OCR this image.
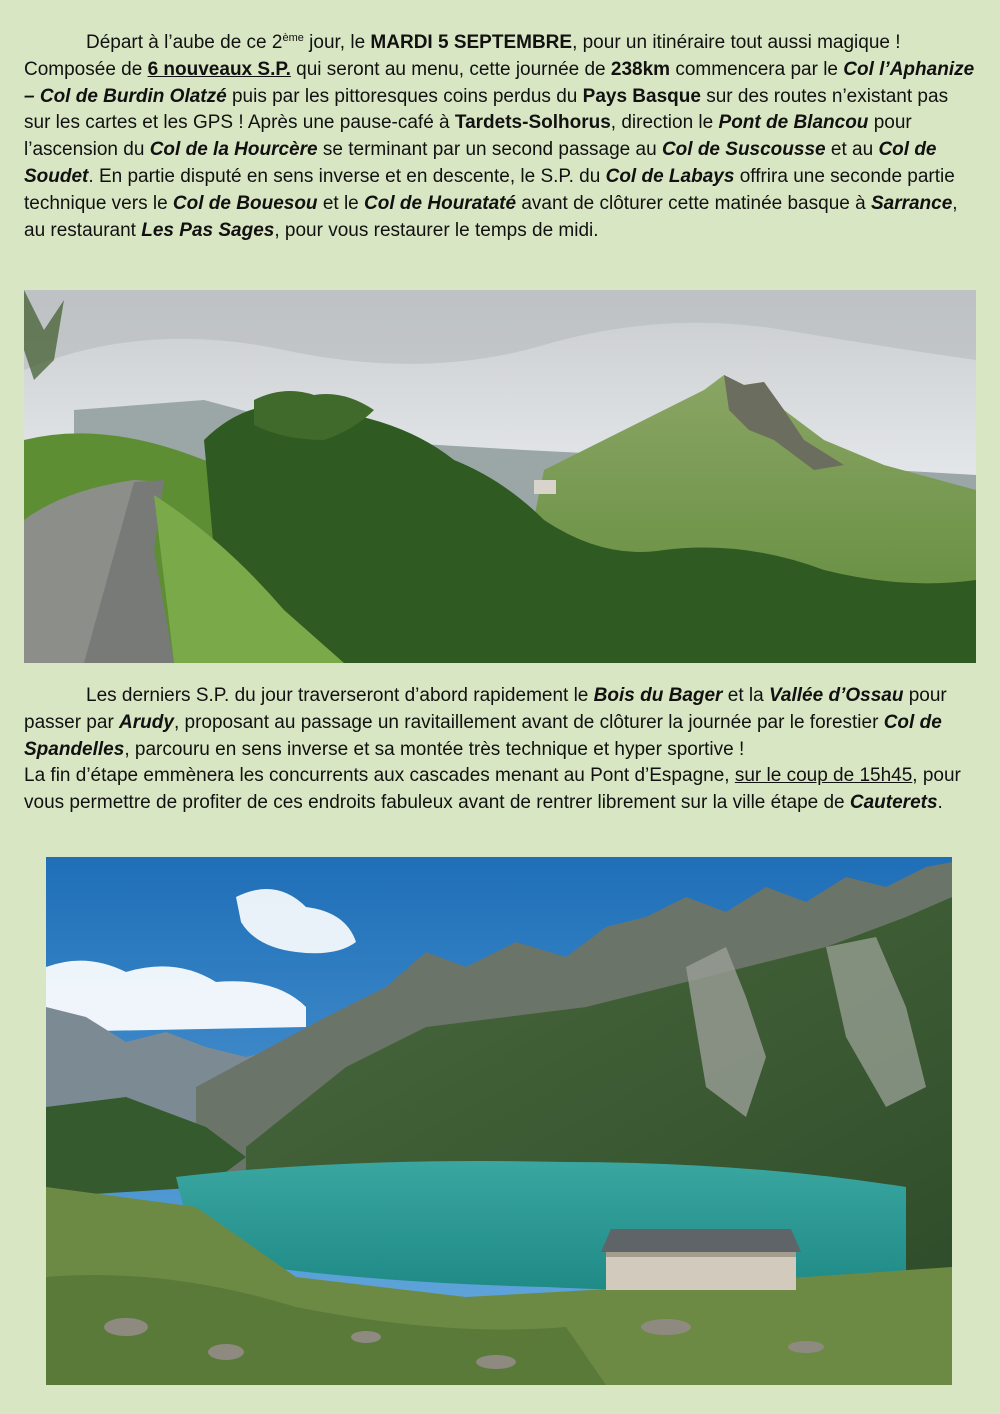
Départ à l’aube de ce 2ème jour, le MARDI 5 SEPTEMBRE, pour un itinéraire tout aussi magique ! Composée de 6 nouveaux S.P. qui seront au menu, cette journée de 238km commencera par le Col l’Aphanize – Col de Burdin Olatzé puis par les pittoresques coins perdus du Pays Basque sur des routes n’existant pas sur les cartes et les GPS ! Après une pause-café à Tardets-Solhorus, direction le Pont de Blancou pour l’ascension du Col de la Hourcère se terminant par un second passage au Col de Suscousse et au Col de Soudet. En partie disputé en sens inverse et en descente, le S.P. du Col de Labays offrira une seconde partie technique vers le Col de Bouesou et le Col de Hourataté avant de clôturer cette matinée basque à Sarrance, au restaurant Les Pas Sages, pour vous restaurer le temps de midi.

Les derniers S.P. du jour traverseront d’abord rapidement le Bois du Bager et la Vallée d’Ossau pour passer par Arudy, proposant au passage un ravitaillement avant de clôturer la journée par le forestier Col de Spandelles, parcouru en sens inverse et sa montée très technique et hyper sportive !
La fin d’étape emmènera les concurrents aux cascades menant au Pont d’Espagne, sur le coup de 15h45, pour vous permettre de profiter de ces endroits fabuleux avant de rentrer librement sur la ville étape de Cauterets.
